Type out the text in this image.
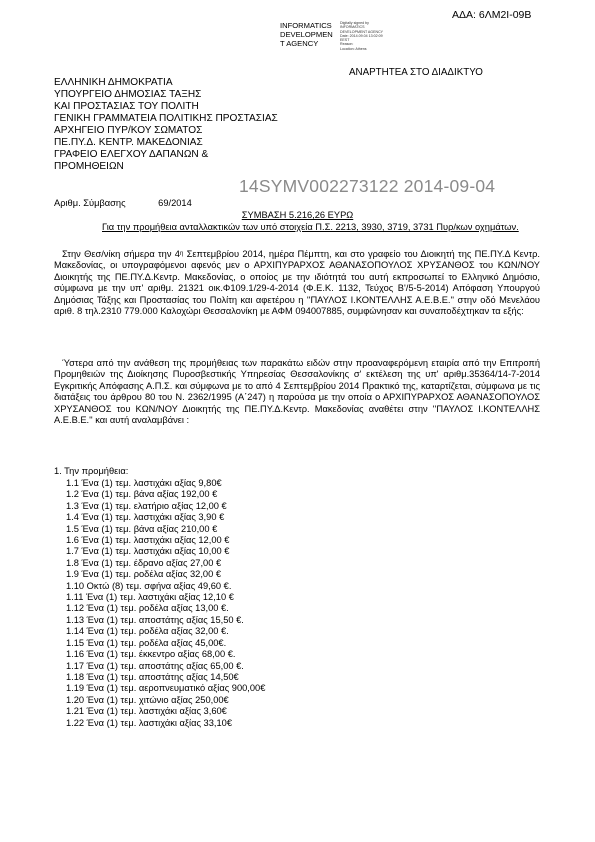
ΑΔΑ: 6ΛΜ2Ι-09Β
INFORMATICS
DEVELOPMEN
T AGENCY
Digitally signed by
INFORMATICS
DEVELOPMENT AGENCY
Date: 2014.09.04 13:02:09
EEST
Reason:
Location: Athens
ΑΝΑΡΤΗΤΕΑ ΣΤΟ ΔΙΑΔΙΚΤΥΟ
ΕΛΛΗΝΙΚΗ ΔΗΜΟΚΡΑΤΙΑ
ΥΠΟΥΡΓΕΙΟ ΔΗΜΟΣΙΑΣ ΤΑΞΗΣ
ΚΑΙ ΠΡΟΣΤΑΣΙΑΣ ΤΟΥ ΠΟΛΙΤΗ
ΓΕΝΙΚΗ ΓΡΑΜΜΑΤΕΙΑ ΠΟΛΙΤΙΚΗΣ ΠΡΟΣΤΑΣΙΑΣ
ΑΡΧΗΓΕΙΟ ΠΥΡ/ΚΟΥ ΣΩΜΑΤΟΣ
ΠΕ.ΠΥ.Δ. ΚΕΝΤΡ. ΜΑΚΕΔΟΝΙΑΣ
ΓΡΑΦΕΙΟ ΕΛΕΓΧΟΥ ΔΑΠΑΝΩΝ &
ΠΡΟΜΗΘΕΙΩΝ
14SYMV002273122 2014-09-04
Αριθμ. Σύμβασης	69/2014
ΣΥΜΒΑΣΗ 5.216,26 ΕΥΡΩ
Για την προμήθεια ανταλλακτικών των υπό στοιχεία Π.Σ. 2213, 3930, 3719, 3731 Πυρ/κων οχημάτων.
Στην Θεσ/νίκη σήμερα την $4^\eta$ Σεπτεμβρίου 2014, ημέρα Πέμπτη, και στο γραφείο του Διοικητή της ΠΕ.ΠΥ.Δ Κεντρ. Μακεδονίας, οι υπογραφόμενοι αφενός μεν ο ΑΡΧΙΠΥΡΑΡΧΟΣ ΑΘΑΝΑΣΟΠΟΥΛΟΣ ΧΡΥΣΑΝΘΟΣ του ΚΩΝ/ΝΟΥ Διοικητής της ΠΕ.ΠΥ.Δ.Κεντρ. Μακεδονίας, ο οποίος με την ιδιότητά του αυτή εκπροσωπεί το Ελληνικό Δημόσιο, σύμφωνα με την υπ' αριθμ. 21321 οικ.Φ109.1/29-4-2014 (Φ.Ε.Κ. 1132, Τεύχος Β'/5-5-2014) Απόφαση Υπουργού Δημόσιας Τάξης και Προστασίας του Πολίτη και αφετέρου η ''ΠΑΥΛΟΣ Ι.ΚΟΝΤΕΛΛΗΣ Α.Ε.Β.Ε.'' στην οδό Μενελάου αριθ. 8 τηλ.2310 779.000 Καλοχώρι Θεσσαλονίκη με ΑΦΜ 094007885, συμφώνησαν και συναποδέχτηκαν τα εξής:
Ύστερα από την ανάθεση της προμήθειας των παρακάτω ειδών στην προαναφερόμενη εταιρία από την Επιτροπή Προμηθειών της Διοίκησης Πυροσβεστικής Υπηρεσίας Θεσσαλονίκης σ' εκτέλεση της υπ' αριθμ.35364/14-7-2014 Εγκριτικής Απόφασης Α.Π.Σ. και σύμφωνα με το από 4 Σεπτεμβρίου 2014 Πρακτικό της, καταρτίζεται, σύμφωνα με τις διατάξεις του άρθρου 80 του Ν. 2362/1995 (Α΄247) η παρούσα με την οποία ο ΑΡΧΙΠΥΡΑΡΧΟΣ ΑΘΑΝΑΣΟΠΟΥΛΟΣ ΧΡΥΣΑΝΘΟΣ του ΚΩΝ/ΝΟΥ Διοικητής της ΠΕ.ΠΥ.Δ.Κεντρ. Μακεδονίας αναθέτει στην ''ΠΑΥΛΟΣ Ι.ΚΟΝΤΕΛΛΗΣ Α.Ε.Β.Ε.'' και αυτή αναλαμβάνει :
1. Την προμήθεια:
1.1 Ένα (1) τεμ. λαστιχάκι αξίας 9,80€
1.2 Ένα (1) τεμ. βάνα αξίας 192,00 €
1.3 Ένα (1) τεμ. ελατήριο αξίας 12,00 €
1.4 Ένα (1) τεμ. λαστιχάκι αξίας 3,90 €
1.5 Ένα (1) τεμ. βάνα αξίας 210,00 €
1.6 Ένα (1) τεμ. λαστιχάκι αξίας 12,00 €
1.7 Ένα (1) τεμ. λαστιχάκι αξίας 10,00 €
1.8 Ένα (1) τεμ. έδρανο αξίας 27,00 €
1.9 Ένα (1) τεμ. ροδέλα αξίας 32,00 €
1.10 Οκτώ (8) τεμ. σφήνα αξίας 49,60 €.
1.11 Ένα (1) τεμ. λαστιχάκι αξίας 12,10 €
1.12 Ένα (1) τεμ. ροδέλα αξίας 13,00 €.
1.13 Ένα (1) τεμ. αποστάτης αξίας 15,50 €.
1.14 Ένα (1) τεμ. ροδέλα αξίας 32,00 €.
1.15 Ένα (1) τεμ. ροδέλα αξίας 45,00€.
1.16 Ένα (1) τεμ. έκκεντρο αξίας 68,00 €.
1.17 Ένα (1) τεμ. αποστάτης αξίας 65,00 €.
1.18 Ένα (1) τεμ. αποστάτης αξίας 14,50€
1.19 Ένα (1) τεμ. αεροπνευματικό αξίας 900,00€
1.20 Ένα (1) τεμ. χιτώνιο αξίας 250,00€
1.21 Ένα (1) τεμ. λαστιχάκι αξίας 3,60€
1.22 Ένα (1) τεμ. λαστιχάκι αξίας 33,10€
